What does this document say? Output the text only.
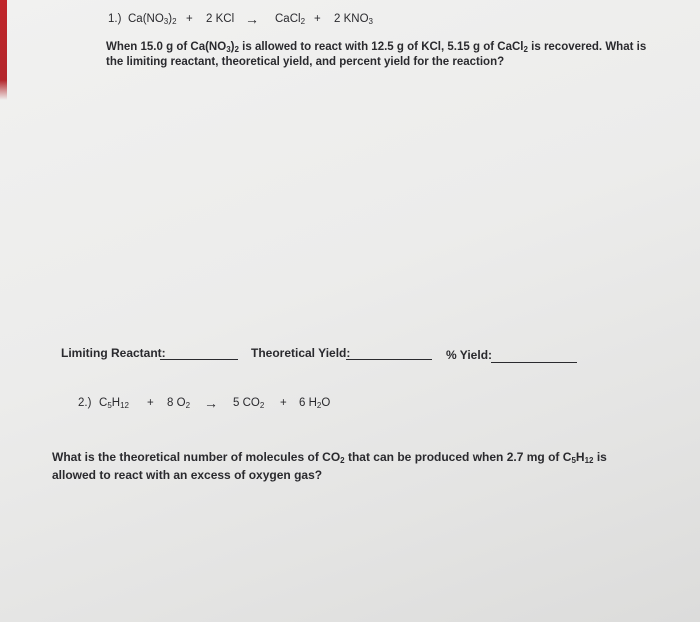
1.) $Ca(NO_3)_2 + 2$ KCl → CaCl$_2$ + 2 $KNO_3$
When 15.0 g of $Ca(NO_3)_2$ is allowed to react with 12.5 g of KCl, 5.15 g of CaCl$_2$ is recovered. What is
the limiting reactant, theoretical yield, and percent yield for the reaction?
Limiting Reactant:	Theoretical Yield:	% Yield:
2.) $C_5H_{12} + 8$ $O_2 \to 5$ $CO_2 + 6$ $H_2O$
What is the theoretical number of molecules of $CO_2$ that can be produced when 2.7 mg of $C_5H_{12}$ is
allowed to react with an excess of oxygen gas?
